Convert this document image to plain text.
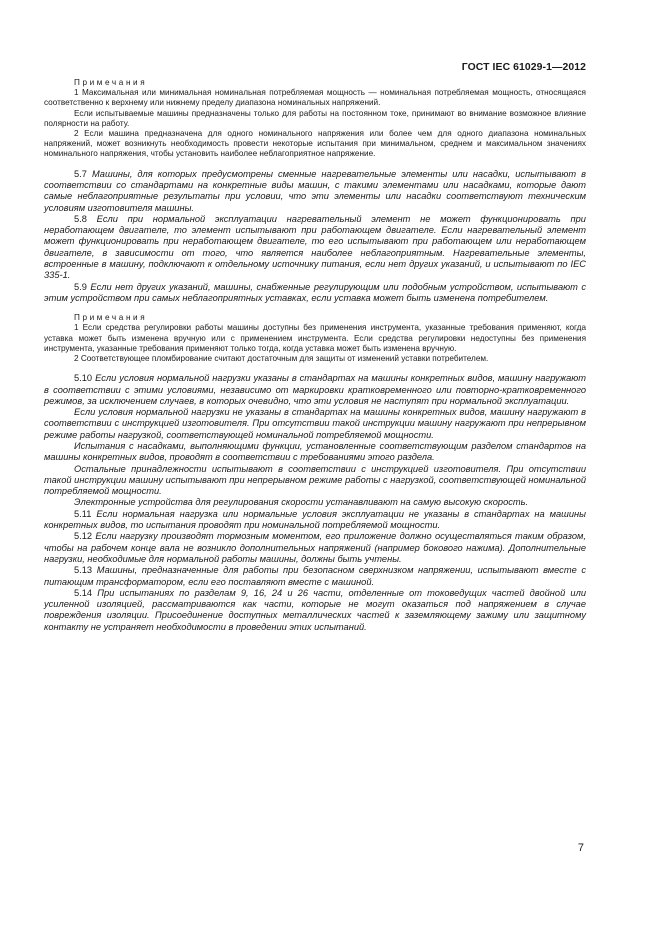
ГОСТ IEC 61029-1—2012

Примечания

1 Максимальная или минимальная номинальная потребляемая мощность — номинальная потребляемая мощность, относящаяся соответственно к верхнему или нижнему пределу диапазона номинальных напряжений.

Если испытываемые машины предназначены только для работы на постоянном токе, принимают во внимание возможное влияние полярности на работу.

2 Если машина предназначена для одного номинального напряжения или более чем для одного диапазона номинальных напряжений, может возникнуть необходимость провести некоторые испытания при минимальном, среднем и максимальном значениях номинального напряжения, чтобы установить наиболее неблагоприятное напряжение.

5.7 Машины, для которых предусмотрены сменные нагревательные элементы или насадки, испытывают в соответствии со стандартами на конкретные виды машин, с такими элементами или насадками, которые дают самые неблагоприятные результаты при условии, что эти элементы или насадки соответствуют техническим условиям изготовителя машины.

5.8 Если при нормальной эксплуатации нагревательный элемент не может функционировать при неработающем двигателе, то элемент испытывают при работающем двигателе. Если нагревательный элемент может функционировать при неработающем двигателе, то его испытывают при работающем или неработающем двигателе, в зависимости от того, что является наиболее неблагоприятным. Нагревательные элементы, встроенные в машину, подключают к отдельному источнику питания, если нет других указаний, и испытывают по IEC 335-1.

5.9 Если нет других указаний, машины, снабженные регулирующим или подобным устройством, испытывают с этим устройством при самых неблагоприятных уставках, если уставка может быть изменена потребителем.

Примечания

1 Если средства регулировки работы машины доступны без применения инструмента, указанные требования применяют, когда уставка может быть изменена вручную или с применением инструмента. Если средства регулировки недоступны без применения инструмента, указанные требования применяют только тогда, когда уставка может быть изменена вручную.

2 Соответствующее пломбирование считают достаточным для защиты от изменений уставки потребителем.

5.10 Если условия нормальной нагрузки указаны в стандартах на машины конкретных видов, машину нагружают в соответствии с этими условиями, независимо от маркировки кратковременного или повторно-кратковременного режимов, за исключением случаев, в которых очевидно, что эти условия не наступят при нормальной эксплуатации.

Если условия нормальной нагрузки не указаны в стандартах на машины конкретных видов, машину нагружают в соответствии с инструкцией изготовителя. При отсутствии такой инструкции машину нагружают при непрерывном режиме работы нагрузкой, соответствующей номинальной потребляемой мощности.

Испытания с насадками, выполняющими функции, установленные соответствующим разделом стандартов на машины конкретных видов, проводят в соответствии с требованиями этого раздела.

Остальные принадлежности испытывают в соответствии с инструкцией изготовителя. При отсутствии такой инструкции машину испытывают при непрерывном режиме работы с нагрузкой, соответствующей номинальной потребляемой мощности.

Электронные устройства для регулирования скорости устанавливают на самую высокую скорость.

5.11 Если нормальная нагрузка или нормальные условия эксплуатации не указаны в стандартах на машины конкретных видов, то испытания проводят при номинальной потребляемой мощности.

5.12 Если нагрузку производят тормозным моментом, его приложение должно осуществляться таким образом, чтобы на рабочем конце вала не возникло дополнительных напряжений (например бокового нажима). Дополнительные нагрузки, необходимые для нормальной работы машины, должны быть учтены.

5.13 Машины, предназначенные для работы при безопасном сверхнизком напряжении, испытывают вместе с питающим трансформатором, если его поставляют вместе с машиной.

5.14 При испытаниях по разделам 9, 16, 24 и 26 части, отделенные от токоведущих частей двойной или усиленной изоляцией, рассматриваются как части, которые не могут оказаться под напряжением в случае повреждения изоляции. Присоединение доступных металлических частей к заземляющему зажиму или защитному контакту не устраняет необходимости в проведении этих испытаний.

7
